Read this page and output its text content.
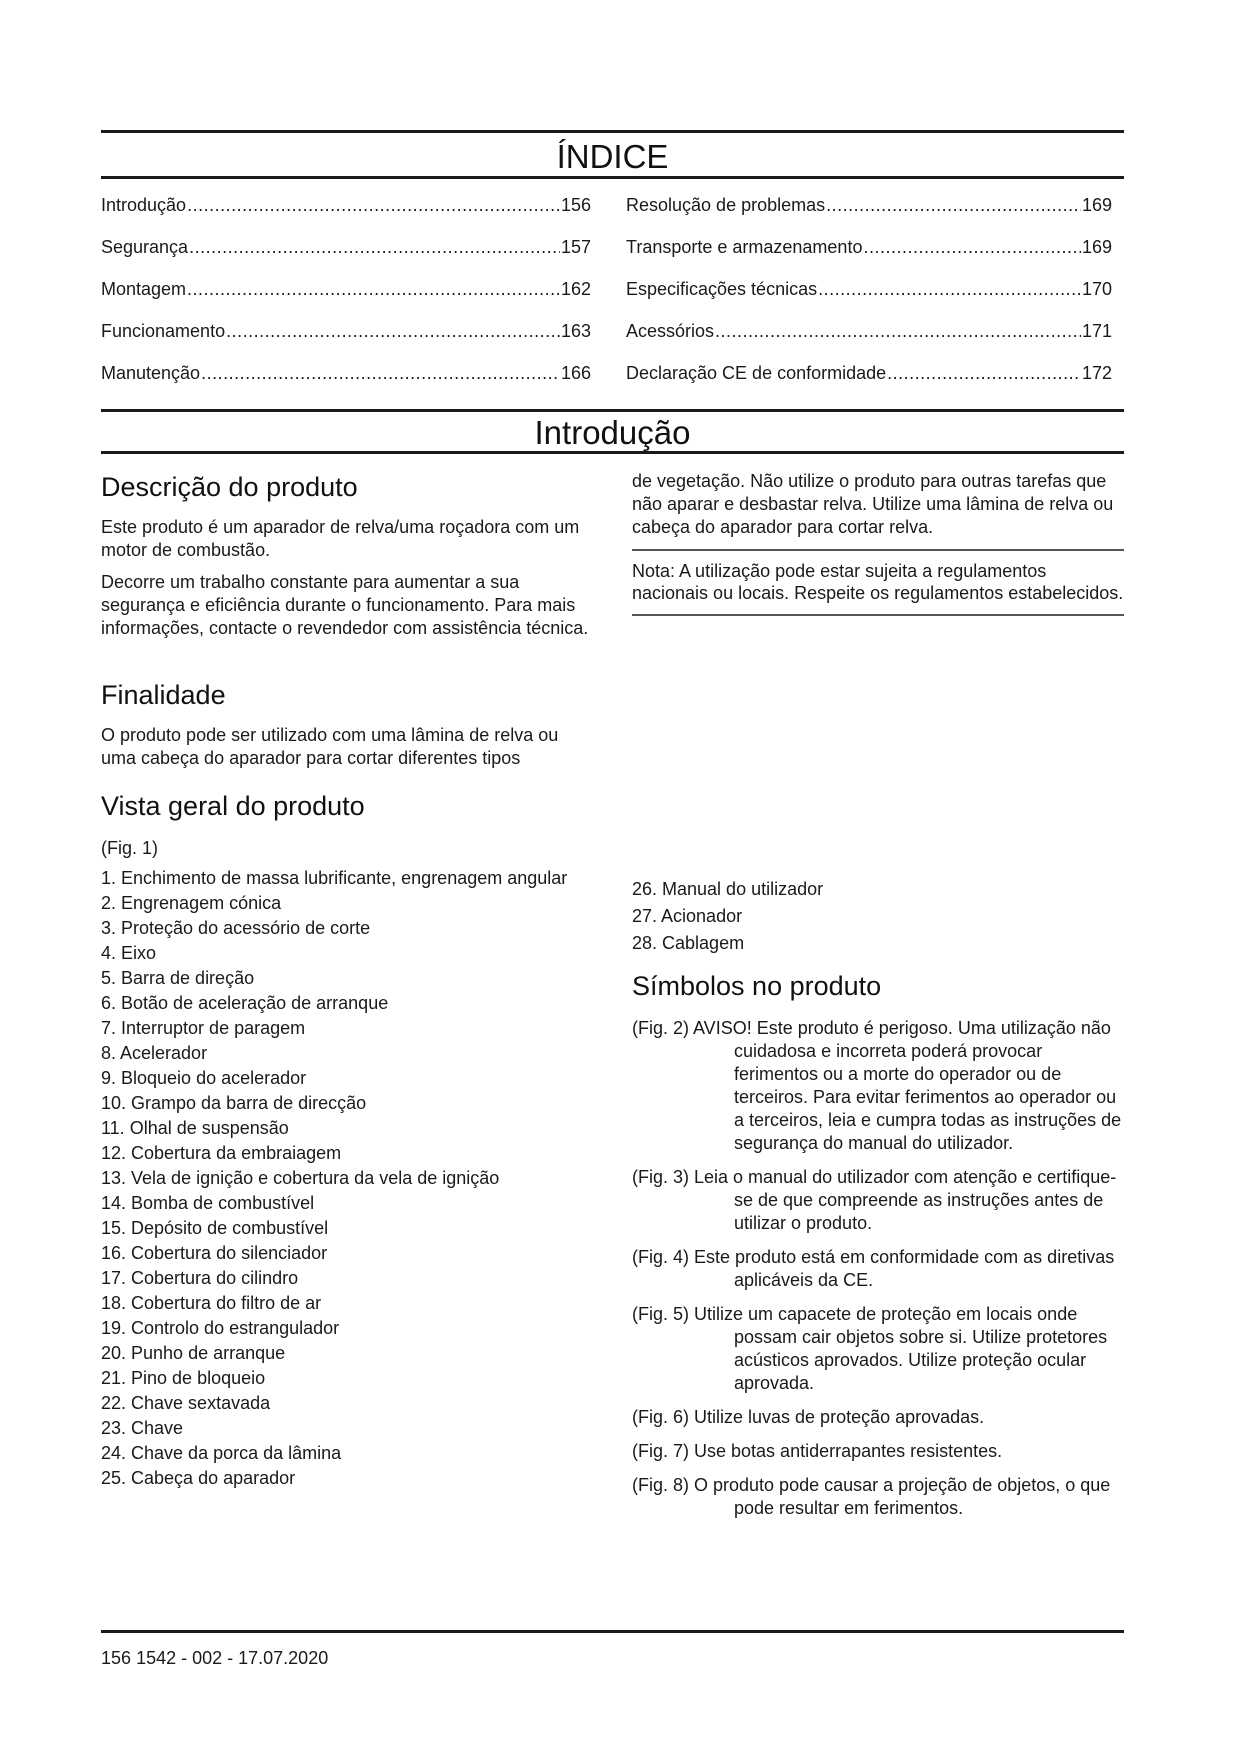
ÍNDICE
Introdução .....	156
Segurança .....	157
Montagem .....	162
Funcionamento .....	163
Manutenção .....	166
Resolução de problemas .....	169
Transporte e armazenamento .....	169
Especificações técnicas .....	170
Acessórios .....	171
Declaração CE de conformidade .....	172
Introdução
Descrição do produto

Este produto é um aparador de relva/uma roçadora com um motor de combustão.

Decorre um trabalho constante para aumentar a sua segurança e eficiência durante o funcionamento. Para mais informações, contacte o revendedor com assistência técnica.

Finalidade

O produto pode ser utilizado com uma lâmina de relva ou uma cabeça do aparador para cortar diferentes tipos

de vegetação. Não utilize o produto para outras tarefas que não aparar e desbastar relva. Utilize uma lâmina de relva ou cabeça do aparador para cortar relva.

Nota: A utilização pode estar sujeita a regulamentos nacionais ou locais. Respeite os regulamentos estabelecidos.
Vista geral do produto

(Fig. 1)

1. Enchimento de massa lubrificante, engrenagem angular
2. Engrenagem cónica
3. Proteção do acessório de corte
4. Eixo
5. Barra de direção
6. Botão de aceleração de arranque
7. Interruptor de paragem
8. Acelerador
9. Bloqueio do acelerador
10. Grampo da barra de direcção
11. Olhal de suspensão
12. Cobertura da embraiagem
13. Vela de ignição e cobertura da vela de ignição
14. Bomba de combustível
15. Depósito de combustível
16. Cobertura do silenciador
17. Cobertura do cilindro
18. Cobertura do filtro de ar
19. Controlo do estrangulador
20. Punho de arranque
21. Pino de bloqueio
22. Chave sextavada
23. Chave
24. Chave da porca da lâmina
25. Cabeça do aparador
26. Manual do utilizador
27. Acionador
28. Cablagem
Símbolos no produto
(Fig. 2) AVISO! Este produto é perigoso. Uma utilização não cuidadosa e incorreta poderá provocar ferimentos ou a morte do operador ou de terceiros. Para evitar ferimentos ao operador ou a terceiros, leia e cumpra todas as instruções de segurança do manual do utilizador.
(Fig. 3) Leia o manual do utilizador com atenção e certifique-se de que compreende as instruções antes de utilizar o produto.
(Fig. 4) Este produto está em conformidade com as diretivas aplicáveis da CE.
(Fig. 5) Utilize um capacete de proteção em locais onde possam cair objetos sobre si. Utilize protetores acústicos aprovados. Utilize proteção ocular aprovada.
(Fig. 6) Utilize luvas de proteção aprovadas.
(Fig. 7) Use botas antiderrapantes resistentes.
(Fig. 8) O produto pode causar a projeção de objetos, o que pode resultar em ferimentos.
156 1542 - 002 - 17.07.2020
